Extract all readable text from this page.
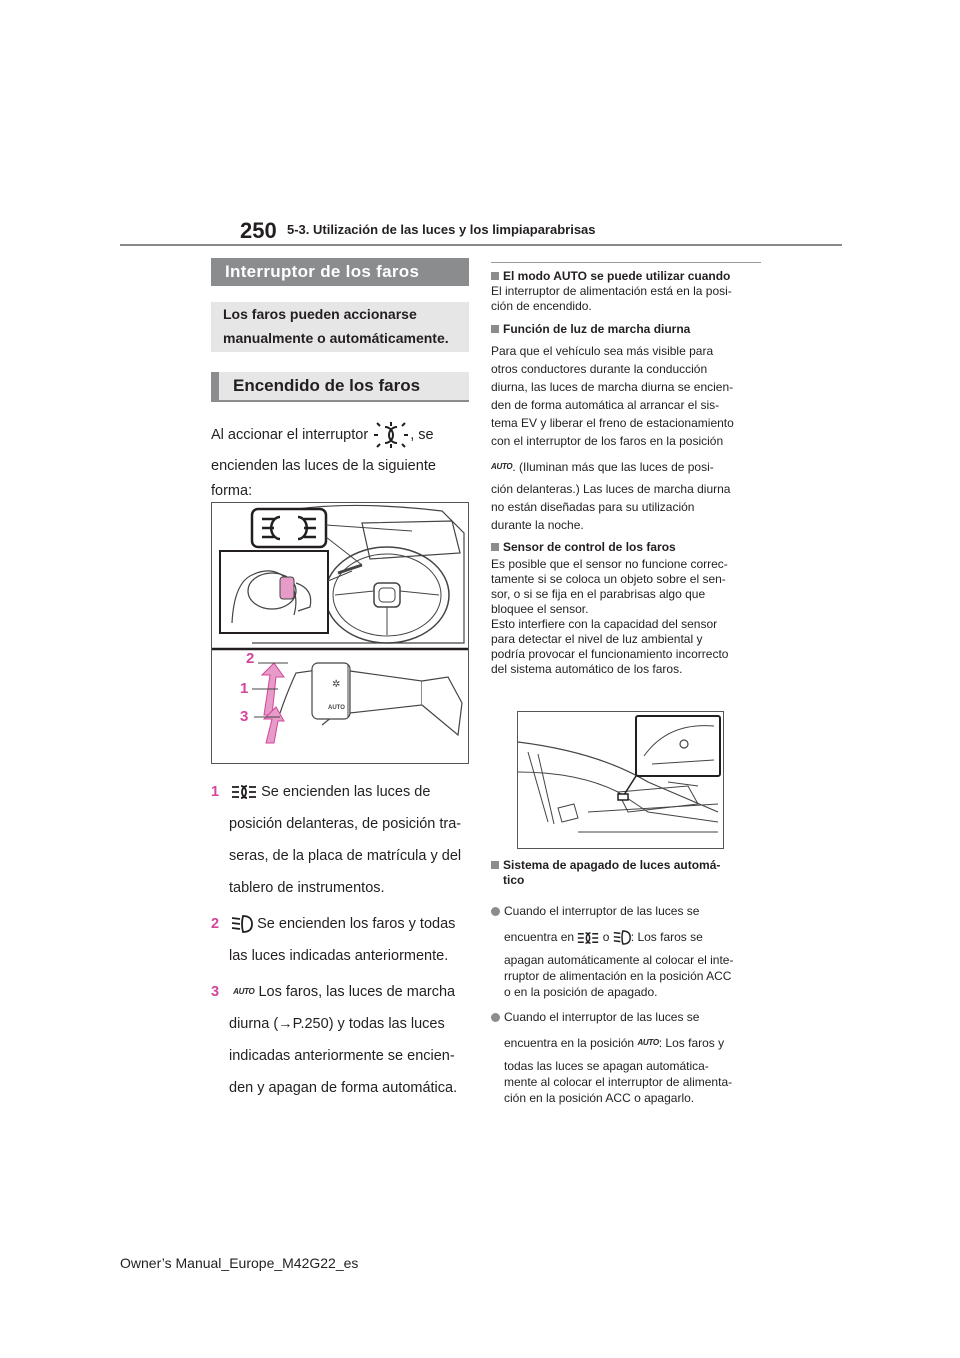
250 5-3. Utilización de las luces y los limpiaparabrisas
Interruptor de los faros
Los faros pueden accionarse
manualmente o automáticamente.
Encendido de los faros
Al accionar el interruptor	, se
encienden las luces de la siguiente
forma:
✲
AUTO
2
1
3
1	Se encienden las luces de
posición delanteras, de posición tra-
seras, de la placa de matrícula y del
tablero de instrumentos.
2	Se encienden los faros y todas
las luces indicadas anteriormente.
3 AUTO Los faros, las luces de marcha
diurna (→P.250) y todas las luces
indicadas anteriormente se encien-
den y apagan de forma automática.
El modo AUTO se puede utilizar cuando
El interruptor de alimentación está en la posi-
ción de encendido.
Función de luz de marcha diurna
Para que el vehículo sea más visible para
otros conductores durante la conducción
diurna, las luces de marcha diurna se encien-
den de forma automática al arrancar el sis-
tema EV y liberar el freno de estacionamiento
con el interruptor de los faros en la posición
AUTO. (Iluminan más que las luces de posi-
ción delanteras.) Las luces de marcha diurna
no están diseñadas para su utilización
durante la noche.
Sensor de control de los faros
Es posible que el sensor no funcione correc-
tamente si se coloca un objeto sobre el sen-
sor, o si se fija en el parabrisas algo que
bloquee el sensor.
Esto interfiere con la capacidad del sensor
para detectar el nivel de luz ambiental y
podría provocar el funcionamiento incorrecto
del sistema automático de los faros.
Sistema de apagado de luces automá-
tico
Cuando el interruptor de las luces se
encuentra en o : Los faros se
apagan automáticamente al colocar el inte-
rruptor de alimentación en la posición ACC
o en la posición de apagado.
Cuando el interruptor de las luces se
encuentra en la posición AUTO: Los faros y
todas las luces se apagan automática-
mente al colocar el interruptor de alimenta-
ción en la posición ACC o apagarlo.
Owner’s Manual_Europe_M42G22_es
